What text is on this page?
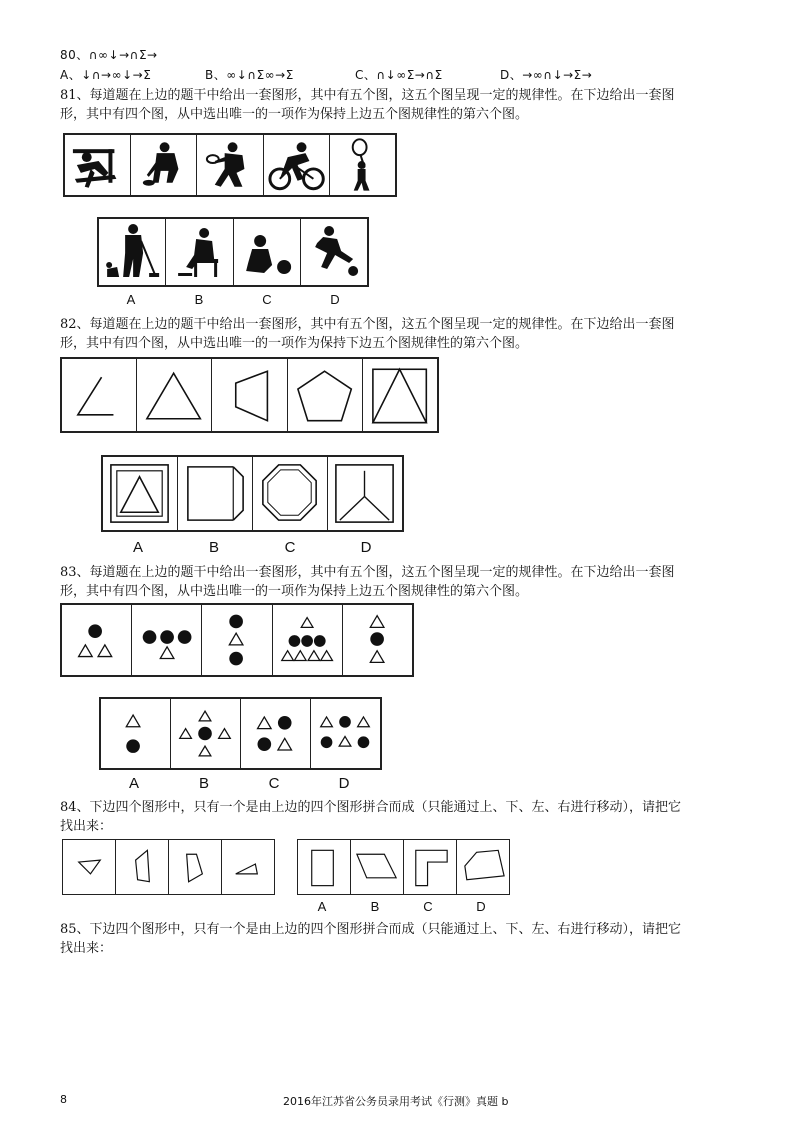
80、∩∞↓→∩Σ→
A、↓∩→∞↓→Σ	B、∞↓∩Σ∞→Σ	C、∩↓∞Σ→∩Σ	D、→∞∩↓→Σ→
81、每道题在上边的题干中给出一套图形，其中有五个图，这五个图呈现一定的规律性。在下边给出一套图
形，其中有四个图，从中选出唯一的一项作为保持上边五个图规律性的第六个图。
A	B	C	D
82、每道题在上边的题干中给出一套图形，其中有五个图，这五个图呈现一定的规律性。在下边给出一套图
形，其中有四个图，从中选出唯一的一项作为保持下边五个图规律性的第六个图。
A	B	C	D
83、每道题在上边的题干中给出一套图形，其中有五个图，这五个图呈现一定的规律性。在下边给出一套图
形，其中有四个图，从中选出唯一的一项作为保持上边五个图规律性的第六个图。
A	B	C	D
84、下边四个图形中，只有一个是由上边的四个图形拼合而成（只能通过上、下、左、右进行移动），请把它
找出来：
A	B	C	D
85、下边四个图形中，只有一个是由上边的四个图形拼合而成（只能通过上、下、左、右进行移动），请把它
找出来：
8	2016年江苏省公务员录用考试《行测》真题 b
